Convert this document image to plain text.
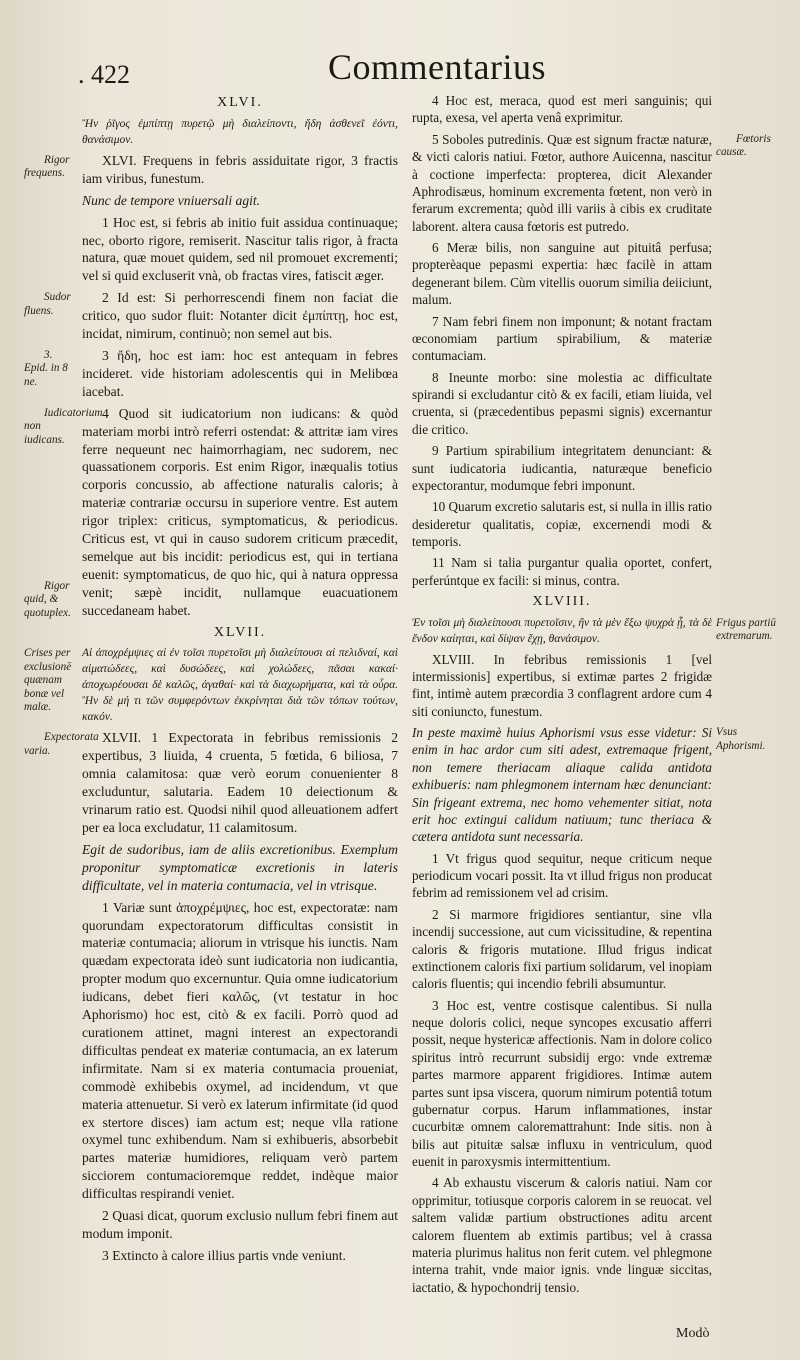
. 422	Commentarius
XLVI.
Ἢν ῥῖγος ἐμπίπτῃ πυρετῷ μὴ διαλείποντι, ἤδη ἀσθενεῖ ἐόντι, θανάσιμον.
XLVI. Frequens in febris assiduitate rigor, 3 fractis iam viribus, funestum.
Rigor frequens.
Nunc de tempore vniuersali agit.
1 Hoc est, si febris ab initio fuit assidua continuaque; nec, oborto rigore, remiserit. Nascitur talis rigor, à fracta natura, quæ mouet quidem, sed nil promouet excrementi; vel si quid excluserit vnà, ob fractas vires, fatiscit æger.
2 Id est: Si perhorrescendi finem non faciat die critico, quo sudor fluit: Notanter dicit ἐμπίπτῃ, hoc est, incidat, nimirum, continuò; non semel aut bis.
Sudor fluens.
3 ἤδη, hoc est iam: hoc est antequam in febres incideret. vide historiam adolescentis qui in Melibœa iacebat.
3. Epid. in 8 ne.
4 Quod sit iudicatorium non iudicans: & quòd materiam morbi intrò referri ostendat: & attritæ iam vires ferre nequeunt nec haimorrhagiam, nec sudorem, nec quassationem corporis. Est enim Rigor, inæqualis totius corporis concussio, ab affectione naturalis caloris; à materiæ contrariæ occursu in superiore ventre. Est autem rigor triplex: criticus, symptomaticus, & periodicus. Criticus est, vt qui in causo sudorem criticum præcedit, semelque aut bis incidit: periodicus est, qui in tertiana euenit: symptomaticus, de quo hic, qui à natura oppressa venit; sæpè incidit, nullamque euacuationem succedaneam habet.
Iudicatorium non iudicans.
Rigor quid, & quotuplex.
XLVII.
Αἱ ἀποχρέμψιες αἱ ἐν τοῖσι πυρετοῖσι μὴ διαλείπουσι αἱ πελιδναί, καὶ αἱματώδεες, καὶ δυσώδεες, καὶ χολώδεες, πᾶσαι κακαί· ἀποχωρέουσαι δὲ καλῶς, ἀγαθαί· καὶ τὰ διαχωρήματα, καὶ τὰ οὖρα. Ἢν δὲ μή τι τῶν συμφερόντων ἐκκρίνηται διὰ τῶν τόπων τούτων, κακόν.
Crises per exclusionē quænam bonæ vel malæ.
XLVII. 1 Expectorata in febribus remissionis 2 expertibus, 3 liuida, 4 cruenta, 5 fœtida, 6 biliosa, 7 omnia calamitosa: quæ verò eorum conuenienter 8 excluduntur, salutaria. Eadem 10 deiectionum & vrinarum ratio est. Quodsi nihil quod alleuationem adfert per ea loca excludatur, 11 calamitosum.
Expectorata varia.
Egit de sudoribus, iam de aliis excretionibus. Exemplum proponitur symptomaticæ excretionis in lateris difficultate, vel in materia contumacia, vel in vtrisque.
1 Variæ sunt ἀποχρέμψιες, hoc est, expectoratæ: nam quorundam expectoratorum difficultas consistit in materiæ contumacia; aliorum in vtrisque his iunctis. Nam quædam expectorata ideò sunt iudicatoria non iudicantia, propter modum quo excernuntur. Quia omne iudicatorium iudicans, debet fieri καλῶς, (vt testatur in hoc Aphorismo) hoc est, citò & ex facili. Porrò quod ad curationem attinet, magni interest an expectorandi difficultas pendeat ex materiæ contumacia, an ex laterum infirmitate. Nam si ex materia contumacia proueniat, commodè exhibebis oxymel, ad incidendum, vt que materia attenuetur. Si verò ex laterum infirmitate (id quod ex stertore disces) iam actum est; neque vlla ratione oxymel tunc exhibendum. Nam si exhibueris, absorbebit partes materiæ humidiores, reliquam verò partem sicciorem contumacioremque reddet, indèque maior difficultas respirandi veniet.
2 Quasi dicat, quorum exclusio nullum febri finem aut modum imponit.
3 Extincto à calore illius partis vnde veniunt.
4 Hoc est, meraca, quod est meri sanguinis; qui rupta, exesa, vel aperta venâ exprimitur.
5 Soboles putredinis. Quæ est signum fractæ naturæ, & victi caloris natiui. Fœtor, authore Auicenna, nascitur à coctione imperfecta: propterea, dicit Alexander Aphrodisæus, hominum excrementa fœtent, non verò in ferarum excrementa; quòd illi variis à cibis ex cruditate laborent. altera causa fœtoris est putredo.
Fœtoris causæ.
6 Meræ bilis, non sanguine aut pituitâ perfusa; propterèaque pepasmi expertia: hæc facilè in attam degenerant bilem. Cùm vitellis ouorum similia deiiciunt, malum.
7 Nam febri finem non imponunt; & notant fractam œconomiam partium spirabilium, & materiæ contumaciam.
8 Ineunte morbo: sine molestia ac difficultate spirandi si excludantur citò & ex facili, etiam liuida, vel cruenta, si (præcedentibus pepasmi signis) excernantur die critico.
9 Partium spirabilium integritatem denunciant: & sunt iudicatoria iudicantia, naturæque beneficio expectorantur, modumque febri imponunt.
10 Quarum excretio salutaris est, si nulla in illis ratio desideretur qualitatis, copiæ, excernendi modi & temporis.
11 Nam si talia purgantur qualia oportet, confert, perferúntque ex facili: si minus, contra.
XLVIII.
Ἐν τοῖσι μὴ διαλείπουσι πυρετοῖσιν, ἢν τὰ μὲν ἔξω ψυχρὰ ᾖ, τὰ δὲ ἔνδον καίηται, καὶ δίψαν ἔχῃ, θανάσιμον.
Frigus partiū extremarum.
XLVIII. In febribus remissionis 1 [vel intermissionis] expertibus, si extimæ partes 2 frigidæ fint, intimè autem præcordia 3 conflagrent ardore cum 4 siti coniuncto, funestum.
In peste maximè huius Aphorismi vsus esse videtur: Si enim in hac ardor cum siti adest, extremaque frigent, non temere theriacam aliaque calida antidota exhibueris: nam phlegmonem internam hæc denunciant: Sin frigeant extrema, nec homo vehementer sitiat, nota erit hoc extingui calidum natiuum; tunc theriaca & cætera antidota sunt necessaria.
Vsus Aphorismi.
1 Vt frigus quod sequitur, neque criticum neque periodicum vocari possit. Ita vt illud frigus non producat febrim ad remissionem vel ad crisim.
2 Si marmore frigidiores sentiantur, sine vlla incendij successione, aut cum vicissitudine, & repentina caloris & frigoris mutatione. Illud frigus indicat extinctionem caloris fixi partium solidarum, vel inopiam caloris fluentis; qui incendio febrili absumuntur.
3 Hoc est, ventre costisque calentibus. Si nulla neque doloris colici, neque syncopes excusatio afferri possit, neque hystericæ affectionis. Nam in dolore colico spiritus intrò recurrunt subsidij ergo: vnde extremæ partes marmore apparent frigidiores. Intimæ autem partes sunt ipsa viscera, quorum nimirum potentiâ totum gubernatur corpus. Harum inflammationes, instar cucurbitæ omnem caloremattrahunt: Inde sitis. non à bilis aut pituitæ salsæ influxu in ventriculum, quod euenit in paroxysmis intermittentium.
4 Ab exhaustu viscerum & caloris natiui. Nam cor opprimitur, totiusque corporis calorem in se reuocat. vel saltem validæ partium obstructiones aditu arcent calorem fluentem ab extimis partibus; vel à crassa materia plurimus halitus non ferit cutem. vel phlegmone interna trahit, vnde maior ignis. vnde linguæ siccitas, iactatio, & hypochondrij tensio.
Modò
